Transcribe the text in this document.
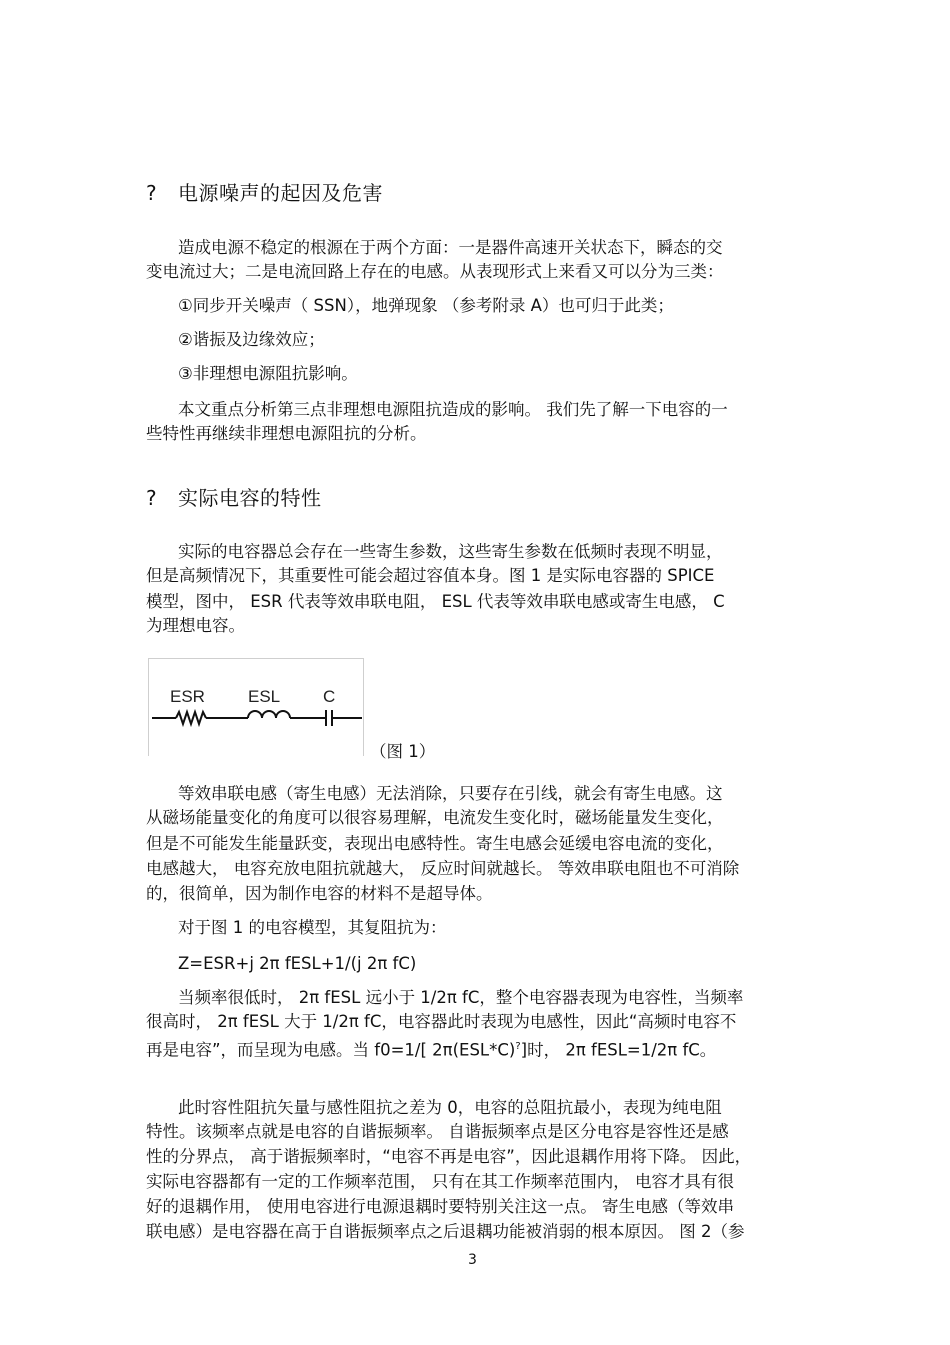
? 电源噪声的起因及危害
造成电源不稳定的根源在于两个方面：一是器件高速开关状态下，瞬态的交
变电流过大；二是电流回路上存在的电感。从表现形式上来看又可以分为三类：
①同步开关噪声（ SSN），地弹现象 （参考附录 A）也可归于此类；
②谐振及边缘效应；
③非理想电源阻抗影响。
本文重点分析第三点非理想电源阻抗造成的影响。 我们先了解一下电容的一
些特性再继续非理想电源阻抗的分析。
? 实际电容的特性
实际的电容器总会存在一些寄生参数，这些寄生参数在低频时表现不明显，
但是高频情况下，其重要性可能会超过容值本身。图 1 是实际电容器的 SPICE
模型，图中， ESR 代表等效串联电阻， ESL 代表等效串联电感或寄生电感， C
为理想电容。
ESR	ESL	C
（图 1）
等效串联电感（寄生电感）无法消除，只要存在引线，就会有寄生电感。这
从磁场能量变化的角度可以很容易理解，电流发生变化时，磁场能量发生变化，
但是不可能发生能量跃变，表现出电感特性。寄生电感会延缓电容电流的变化，
电感越大， 电容充放电阻抗就越大， 反应时间就越长。 等效串联电阻也不可消除
的，很简单，因为制作电容的材料不是超导体。
对于图 1 的电容模型，其复阻抗为：
Z=ESR+j 2π fESL+1/(j 2π fC)
当频率很低时， 2π fESL 远小于 1/2π fC，整个电容器表现为电容性，当频率
很高时， 2π fESL 大于 1/2π fC，电容器此时表现为电感性，因此“高频时电容不
再是电容”，而呈现为电感。当 f0=1/[ 2π(ESL*C)?]时， 2π fESL=1/2π fC。
此时容性阻抗矢量与感性阻抗之差为 0，电容的总阻抗最小，表现为纯电阻
特性。该频率点就是电容的自谐振频率。 自谐振频率点是区分电容是容性还是感
性的分界点， 高于谐振频率时，“电容不再是电容”，因此退耦作用将下降。 因此，
实际电容器都有一定的工作频率范围， 只有在其工作频率范围内， 电容才具有很
好的退耦作用， 使用电容进行电源退耦时要特别关注这一点。 寄生电感（等效串
联电感）是电容器在高于自谐振频率点之后退耦功能被消弱的根本原因。 图 2（参
3
